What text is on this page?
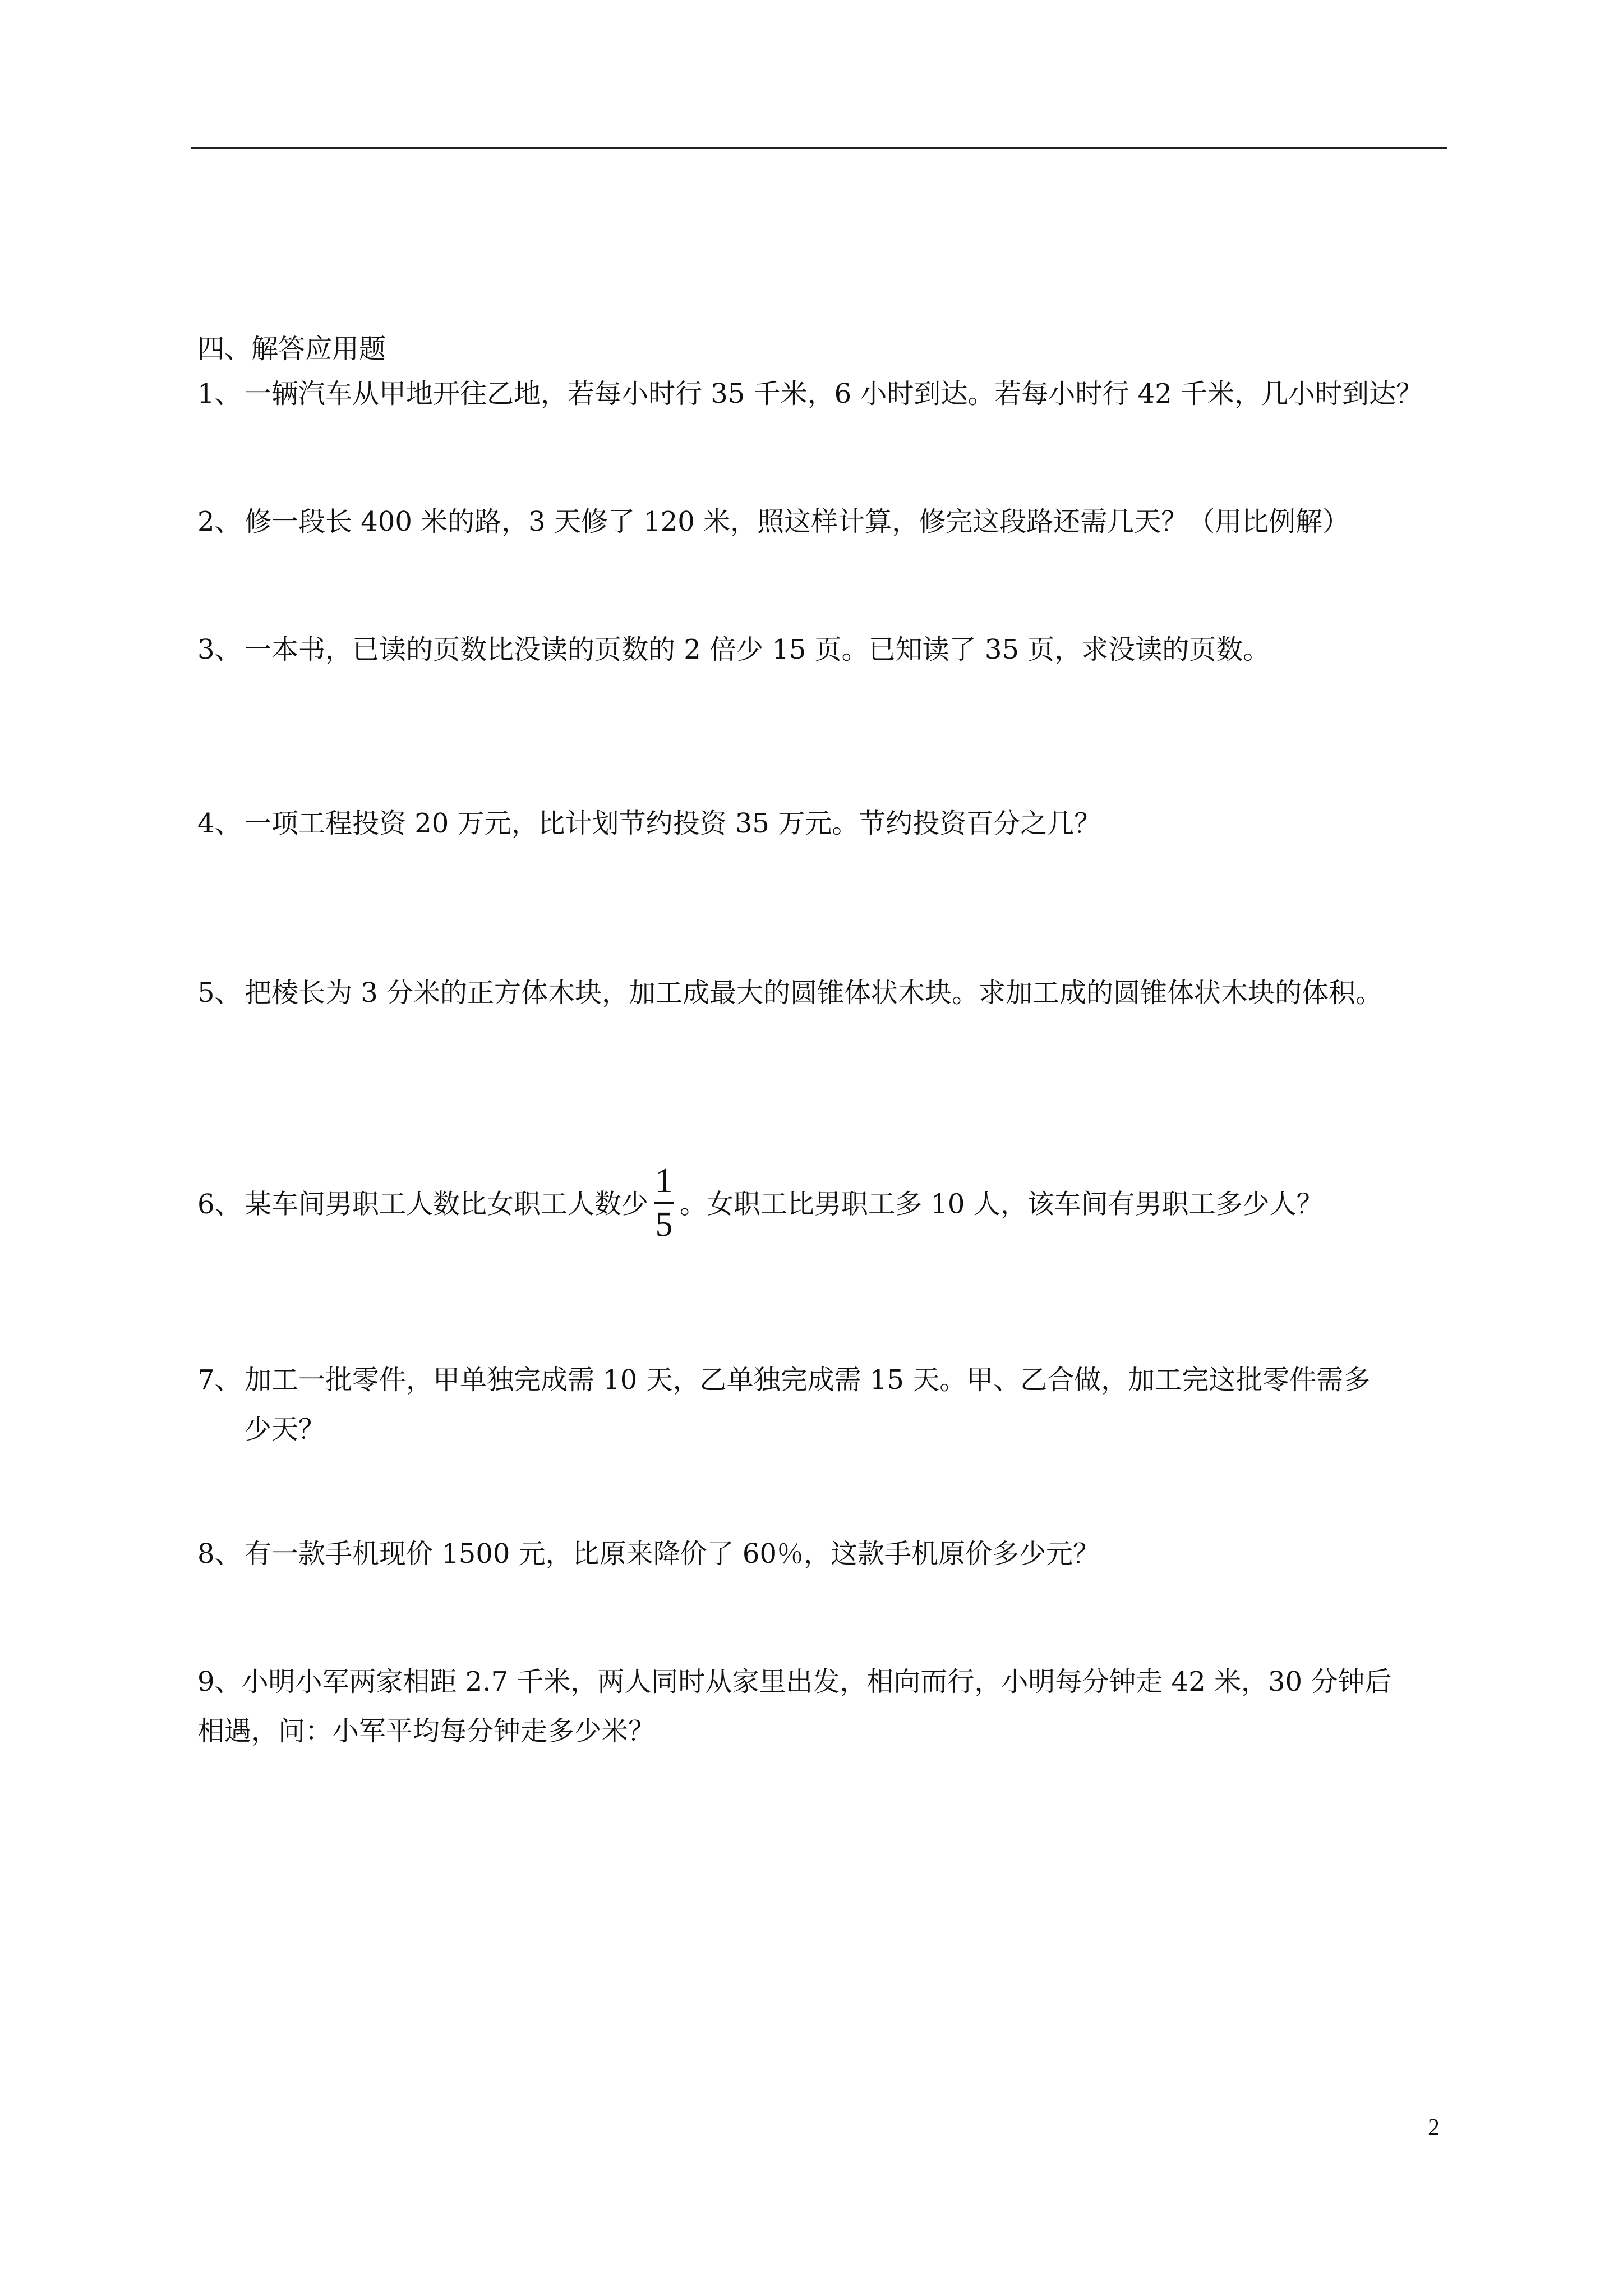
四、解答应用题
1、 一辆汽车从甲地开往乙地，若每小时行 35 千米，6 小时到达。若每小时行 42 千米，几小时到达？
2、 修一段长 400 米的路，3 天修了 120 米，照这样计算，修完这段路还需几天？（用比例解）
3、 一本书，已读的页数比没读的页数的 2 倍少 15 页。已知读了 35 页，求没读的页数。
4、 一项工程投资 20 万元，比计划节约投资 35 万元。节约投资百分之几？
5、 把棱长为 3 分米的正方体木块，加工成最大的圆锥体状木块。求加工成的圆锥体状木块的体积。
6、 某车间男职工人数比女职工人数少 $\frac{1}{5}$ 。女职工比男职工多 10 人，该车间有男职工多少人？
7、 加工一批零件，甲单独完成需 10 天，乙单独完成需 15 天。甲、乙合做，加工完这批零件需多
少天？
8、 有一款手机现价 1500 元，比原来降价了 60％，这款手机原价多少元？
9、小明小军两家相距 2.7 千米，两人同时从家里出发，相向而行，小明每分钟走 42 米，30 分钟后
相遇，问：小军平均每分钟走多少米？
2
